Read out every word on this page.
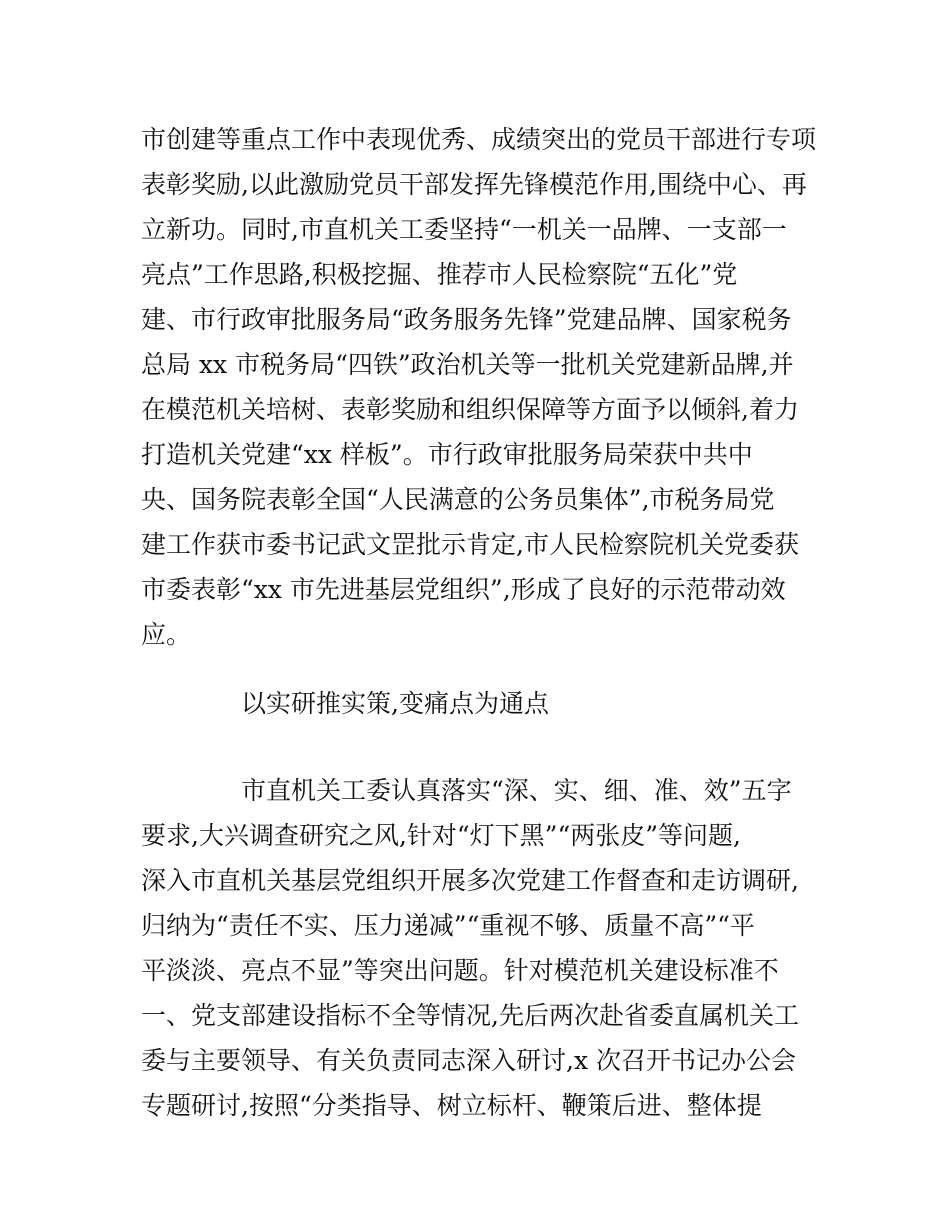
市创建等重点工作中表现优秀、成绩突出的党员干部进行专项
表彰奖励,以此激励党员干部发挥先锋模范作用,围绕中心、再
立新功。同时,市直机关工委坚持“一机关一品牌、一支部一
亮点”工作思路,积极挖掘、推荐市人民检察院“五化”党
建、市行政审批服务局“政务服务先锋”党建品牌、国家税务
总局 xx 市税务局“四铁”政治机关等一批机关党建新品牌,并
在模范机关培树、表彰奖励和组织保障等方面予以倾斜,着力
打造机关党建“xx 样板”。市行政审批服务局荣获中共中
央、国务院表彰全国“人民满意的公务员集体”,市税务局党
建工作获市委书记武文罡批示肯定,市人民检察院机关党委获
市委表彰“xx 市先进基层党组织”,形成了良好的示范带动效
应。
以实研推实策,变痛点为通点
市直机关工委认真落实“深、实、细、准、效”五字
要求,大兴调查研究之风,针对“灯下黑”“两张皮”等问题,
深入市直机关基层党组织开展多次党建工作督查和走访调研,
归纳为“责任不实、压力递减”“重视不够、质量不高”“平
平淡淡、亮点不显”等突出问题。针对模范机关建设标准不
一、党支部建设指标不全等情况,先后两次赴省委直属机关工
委与主要领导、有关负责同志深入研讨,x 次召开书记办公会
专题研讨,按照“分类指导、树立标杆、鞭策后进、整体提
